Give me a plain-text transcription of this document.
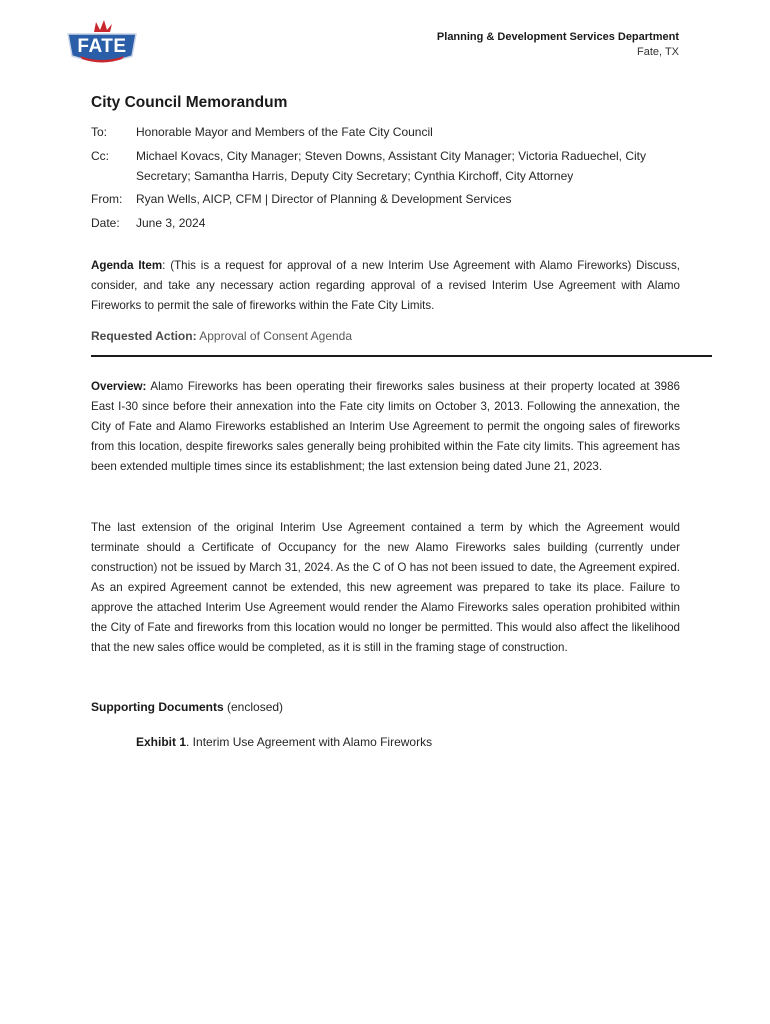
FATE	Planning & Development Services Department
Fate, TX
City Council Memorandum
To:	Honorable Mayor and Members of the Fate City Council
Cc:	Michael Kovacs, City Manager; Steven Downs, Assistant City Manager; Victoria Raduechel, City Secretary; Samantha Harris, Deputy City Secretary; Cynthia Kirchoff, City Attorney
From:	Ryan Wells, AICP, CFM | Director of Planning & Development Services
Date:	June 3, 2024

Agenda Item: (This is a request for approval of a new Interim Use Agreement with Alamo Fireworks) Discuss, consider, and take any necessary action regarding approval of a revised Interim Use Agreement with Alamo Fireworks to permit the sale of fireworks within the Fate City Limits.

Requested Action: Approval of Consent Agenda

Overview: Alamo Fireworks has been operating their fireworks sales business at their property located at 3986 East I-30 since before their annexation into the Fate city limits on October 3, 2013. Following the annexation, the City of Fate and Alamo Fireworks established an Interim Use Agreement to permit the ongoing sales of fireworks from this location, despite fireworks sales generally being prohibited within the Fate city limits. This agreement has been extended multiple times since its establishment; the last extension being dated June 21, 2023.

The last extension of the original Interim Use Agreement contained a term by which the Agreement would terminate should a Certificate of Occupancy for the new Alamo Fireworks sales building (currently under construction) not be issued by March 31, 2024. As the C of O has not been issued to date, the Agreement expired. As an expired Agreement cannot be extended, this new agreement was prepared to take its place. Failure to approve the attached Interim Use Agreement would render the Alamo Fireworks sales operation prohibited within the City of Fate and fireworks from this location would no longer be permitted. This would also affect the likelihood that the new sales office would be completed, as it is still in the framing stage of construction.

Supporting Documents (enclosed)
Exhibit 1. Interim Use Agreement with Alamo Fireworks
